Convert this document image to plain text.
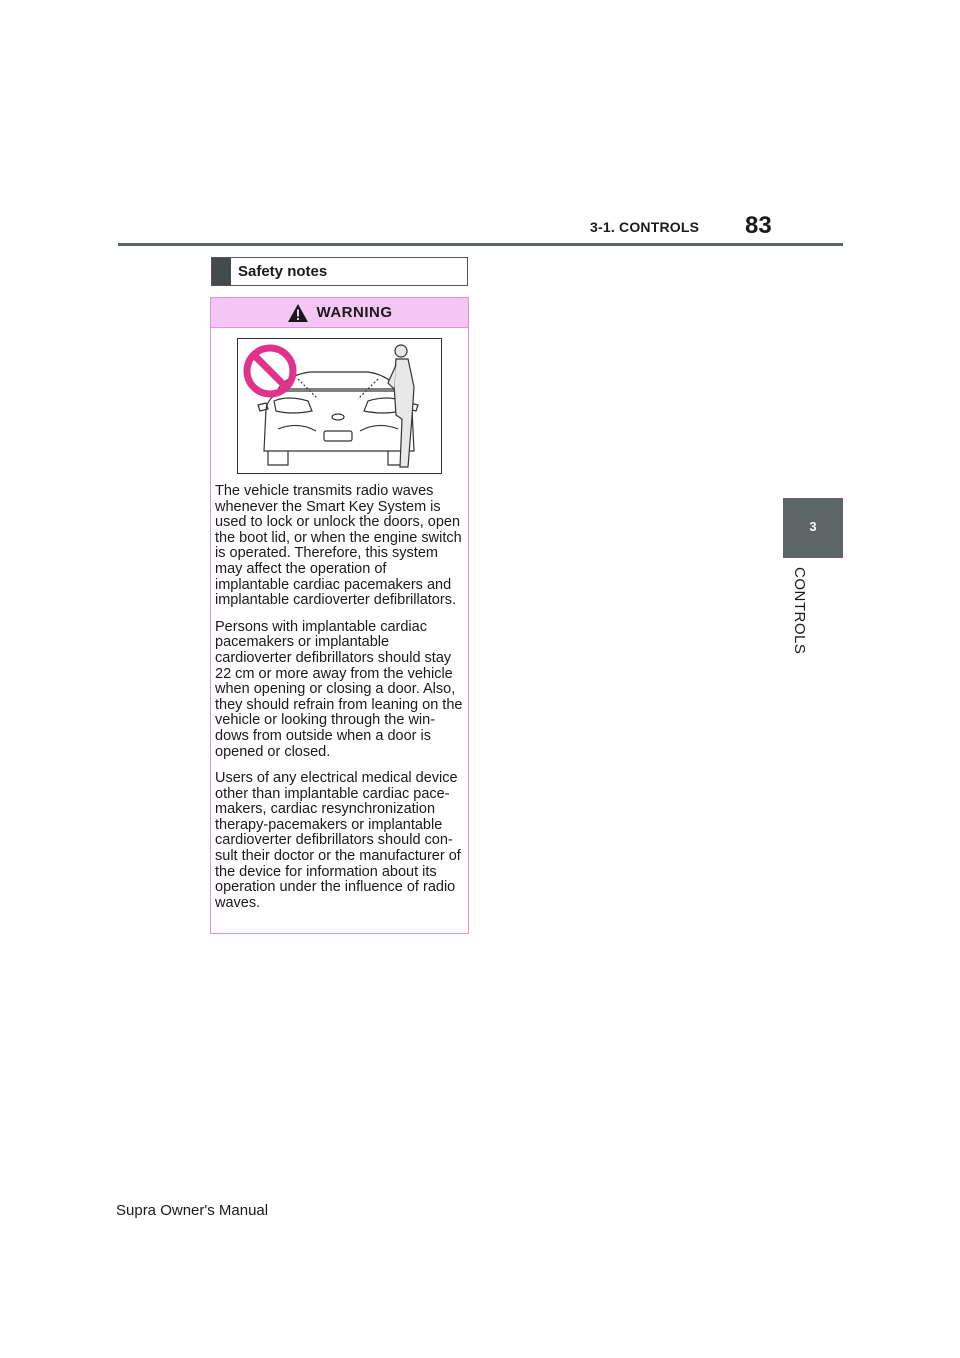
3-1. CONTROLS 83
3
CONTROLS
Safety notes
WARNING

The vehicle transmits radio waves whenever the Smart Key System is used to lock or unlock the doors, open the boot lid, or when the engine switch is operated. Therefore, this system may affect the operation of implantable cardiac pacemakers and implantable cardioverter defibrillators.

Persons with implantable cardiac pacemakers or implantable cardioverter defibrillators should stay 22 cm or more away from the vehicle when opening or closing a door. Also, they should refrain from leaning on the vehicle or looking through the win-dows from outside when a door is opened or closed.

Users of any electrical medical device other than implantable cardiac pace-makers, cardiac resynchronization therapy-pacemakers or implantable cardioverter defibrillators should con-sult their doctor or the manufacturer of the device for information about its operation under the influence of radio waves.

Supra Owner's Manual
